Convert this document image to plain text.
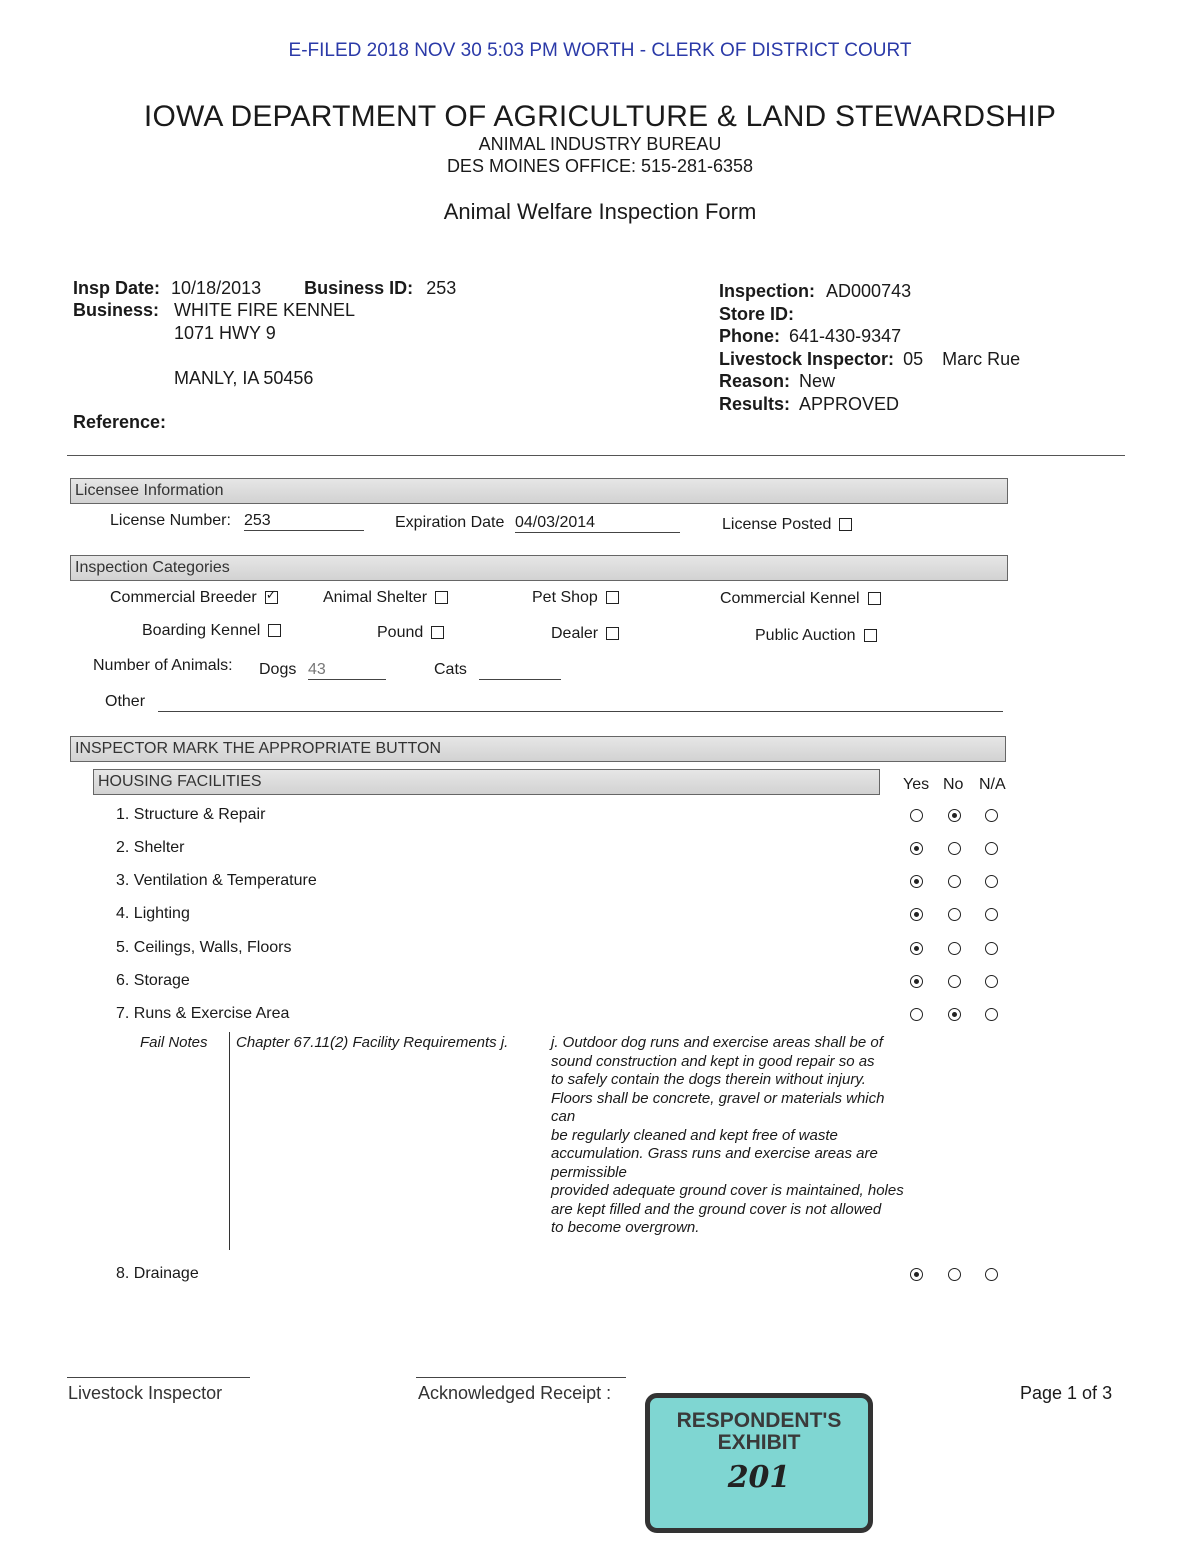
E-FILED 2018 NOV 30 5:03 PM WORTH - CLERK OF DISTRICT COURT
IOWA DEPARTMENT OF AGRICULTURE & LAND STEWARDSHIP
ANIMAL INDUSTRY BUREAU
DES MOINES OFFICE: 515-281-6358
Animal Welfare Inspection Form
Insp Date: 10/18/2013 Business ID: 253
Business: WHITE FIRE KENNEL
1071 HWY 9
MANLY, IA 50456
Reference:
Inspection: AD000743
Store ID:
Phone: 641-430-9347
Livestock Inspector: 05 Marc Rue
Reason: New
Results: APPROVED
Licensee Information
License Number: 253	Expiration Date 04/03/2014	License Posted
Inspection Categories
Commercial Breeder✓	Animal Shelter	Pet Shop	Commercial Kennel
Boarding Kennel	Pound	Dealer	Public Auction
Number of Animals: Dogs 43	Cats
Other
INSPECTOR MARK THE APPROPRIATE BUTTON
HOUSING FACILITIES	Yes No N/A
1. Structure & Repair
2. Shelter
3. Ventilation & Temperature
4. Lighting
5. Ceilings, Walls, Floors
6. Storage
7. Runs & Exercise Area
8. Drainage
Fail Notes Chapter 67.11(2) Facility Requirements j.	j. Outdoor dog runs and exercise areas shall be of
sound construction and kept in good repair so as
to safely contain the dogs therein without injury.
Floors shall be concrete, gravel or materials which
can
be regularly cleaned and kept free of waste
accumulation. Grass runs and exercise areas are
permissible
provided adequate ground cover is maintained, holes
are kept filled and the ground cover is not allowed
to become overgrown.
Livestock Inspector	Acknowledged Receipt :	Page 1 of 3
RESPONDENT'S
EXHIBIT
201
